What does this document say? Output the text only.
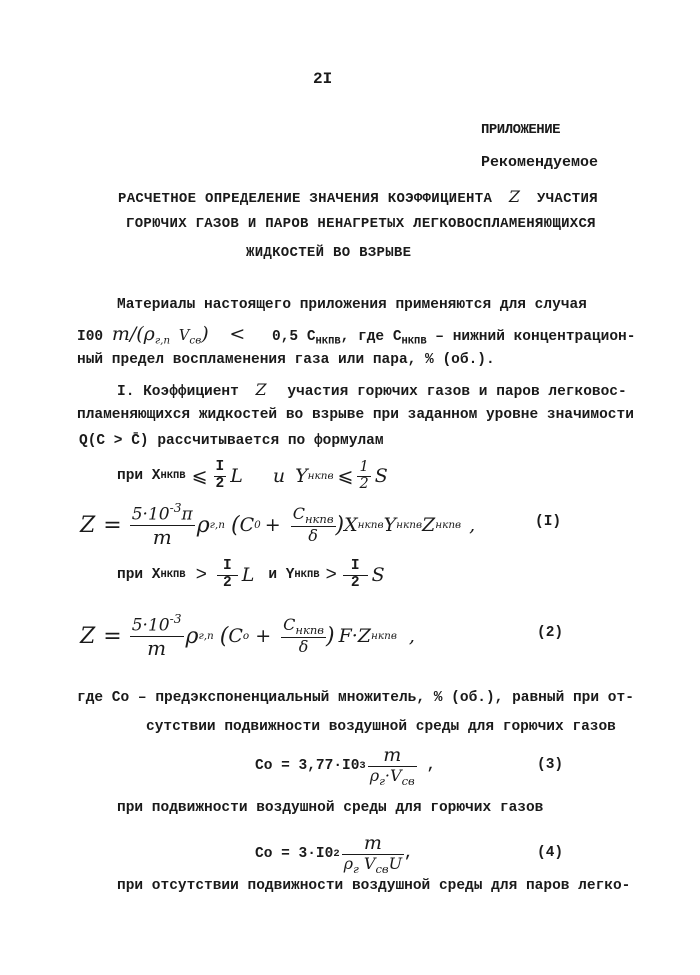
2I
ПРИЛОЖЕНИЕ
Рекомендуемое
РАСЧЕТНОЕ ОПРЕДЕЛЕНИЕ ЗНАЧЕНИЯ КОЭФФИЦИЕНТА Z УЧАСТИЯ
ГОРЮЧИХ ГАЗОВ И ПАРОВ НЕНАГРЕТЫХ ЛЕГКОВОСПЛАМЕНЯЮЩИХСЯ
ЖИДКОСТЕЙ ВО ВЗРЫВЕ
Материалы настоящего приложения применяются для случая
I00 $m/(\rho_{г,п}$ $V_{св}) < 0,5$ $C_{НКПВ}$, где $C_{НКПВ}$ – нижний концентрацион-
ный предел воспламенения газа или пара, % (об.).
I. Коэффициент Z участия горючих газов и паров легковос-
пламеняющихся жидкостей во взрыве при заданном уровне значимости
Q(C > C̄) рассчитывается по формулам
при X НКПВ ⩽ $\frac{I}{2}$ L и Y нкпв ⩽ $\frac{1}{2}$ S
$Z = \frac{5\cdot 10^{-3}\pi}{m}$ ρ г,п ( C $0 + \frac{C_{нкпв}}{\delta}$ ) X нкпв Y нкпв Z нкпв ,	(I)
при X НКПВ > $\frac{I}{2}$ L и Y НКПВ > $\frac{I}{2}$ S
$Z = \frac{5\cdot 10^{-3}}{m}$ ρ г,п ( C $o + \frac{C_{нкпв}}{\delta}$ ) F·Z нкпв ,	(2)
где Co – предэкспоненциальный множитель, % (об.), равный при от-
сутствии подвижности воздушной среды для горючих газов
Co = 3,77·I0 $3 \frac{m}{\rho_г\cdot V_{св}}$ ,	(3)
при подвижности воздушной среды для горючих газов
Co = 3·I0 $2 \frac{m}{\rho_г V_{св}U}$ ,	(4)
при отсутствии подвижности воздушной среды для паров легко-
